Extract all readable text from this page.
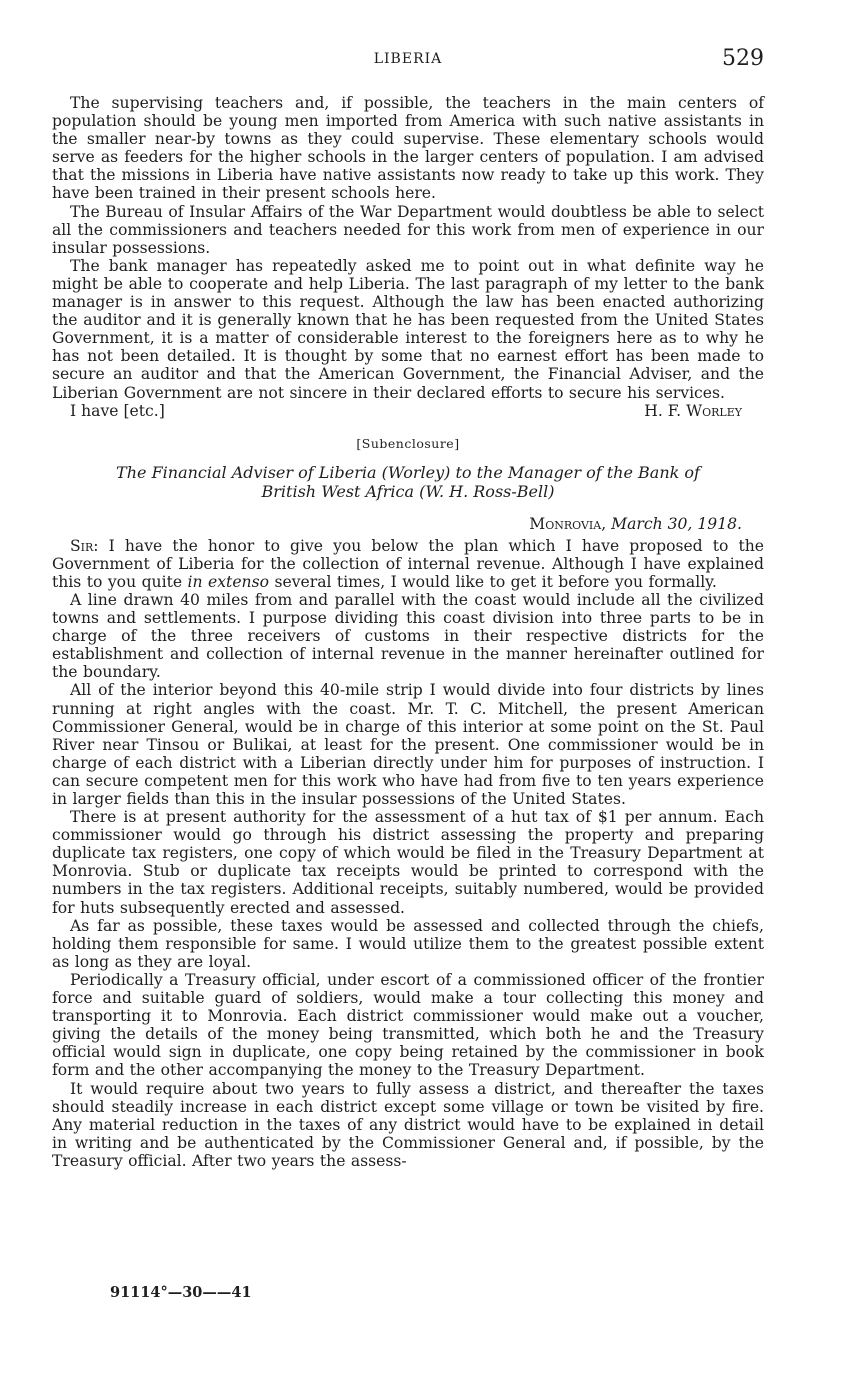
LIBERIA	529

The supervising teachers and, if possible, the teachers in the main centers of population should be young men imported from America with such native assistants in the smaller near-by towns as they could supervise. These elementary schools would serve as feeders for the higher schools in the larger centers of population. I am advised that the missions in Liberia have native assistants now ready to take up this work. They have been trained in their present schools here.

The Bureau of Insular Affairs of the War Department would doubtless be able to select all the commissioners and teachers needed for this work from men of experience in our insular possessions.

The bank manager has repeatedly asked me to point out in what definite way he might be able to cooperate and help Liberia. The last paragraph of my letter to the bank manager is in answer to this request. Although the law has been enacted authorizing the auditor and it is generally known that he has been requested from the United States Government, it is a matter of considerable interest to the foreigners here as to why he has not been detailed. It is thought by some that no earnest effort has been made to secure an auditor and that the American Government, the Financial Adviser, and the Liberian Government are not sincere in their declared efforts to secure his services.

I have [etc.]	H. F. Worley
[Subenclosure]

The Financial Adviser of Liberia (Worley) to the Manager of the Bank of

British West Africa (W. H. Ross-Bell)

Monrovia, March 30, 1918.

Sir: I have the honor to give you below the plan which I have proposed to the Government of Liberia for the collection of internal revenue. Although I have explained this to you quite in extenso several times, I would like to get it before you formally.

A line drawn 40 miles from and parallel with the coast would include all the civilized towns and settlements. I purpose dividing this coast division into three parts to be in charge of the three receivers of customs in their respective districts for the establishment and collection of internal revenue in the manner hereinafter outlined for the boundary.

All of the interior beyond this 40-mile strip I would divide into four districts by lines running at right angles with the coast. Mr. T. C. Mitchell, the present American Commissioner General, would be in charge of this interior at some point on the St. Paul River near Tinsou or Bulikai, at least for the present. One commissioner would be in charge of each district with a Liberian directly under him for purposes of instruction. I can secure competent men for this work who have had from five to ten years experience in larger fields than this in the insular possessions of the United States.

There is at present authority for the assessment of a hut tax of $1 per annum. Each commissioner would go through his district assessing the property and preparing duplicate tax registers, one copy of which would be filed in the Treasury Department at Monrovia. Stub or duplicate tax receipts would be printed to correspond with the numbers in the tax registers. Additional receipts, suitably numbered, would be provided for huts subsequently erected and assessed.

As far as possible, these taxes would be assessed and collected through the chiefs, holding them responsible for same. I would utilize them to the greatest possible extent as long as they are loyal.

Periodically a Treasury official, under escort of a commissioned officer of the frontier force and suitable guard of soldiers, would make a tour collecting this money and transporting it to Monrovia. Each district commissioner would make out a voucher, giving the details of the money being transmitted, which both he and the Treasury official would sign in duplicate, one copy being retained by the commissioner in book form and the other accompanying the money to the Treasury Department.

It would require about two years to fully assess a district, and thereafter the taxes should steadily increase in each district except some village or town be visited by fire. Any material reduction in the taxes of any district would have to be explained in detail in writing and be authenticated by the Commissioner General and, if possible, by the Treasury official. After two years the assess-

91114°—30——41
